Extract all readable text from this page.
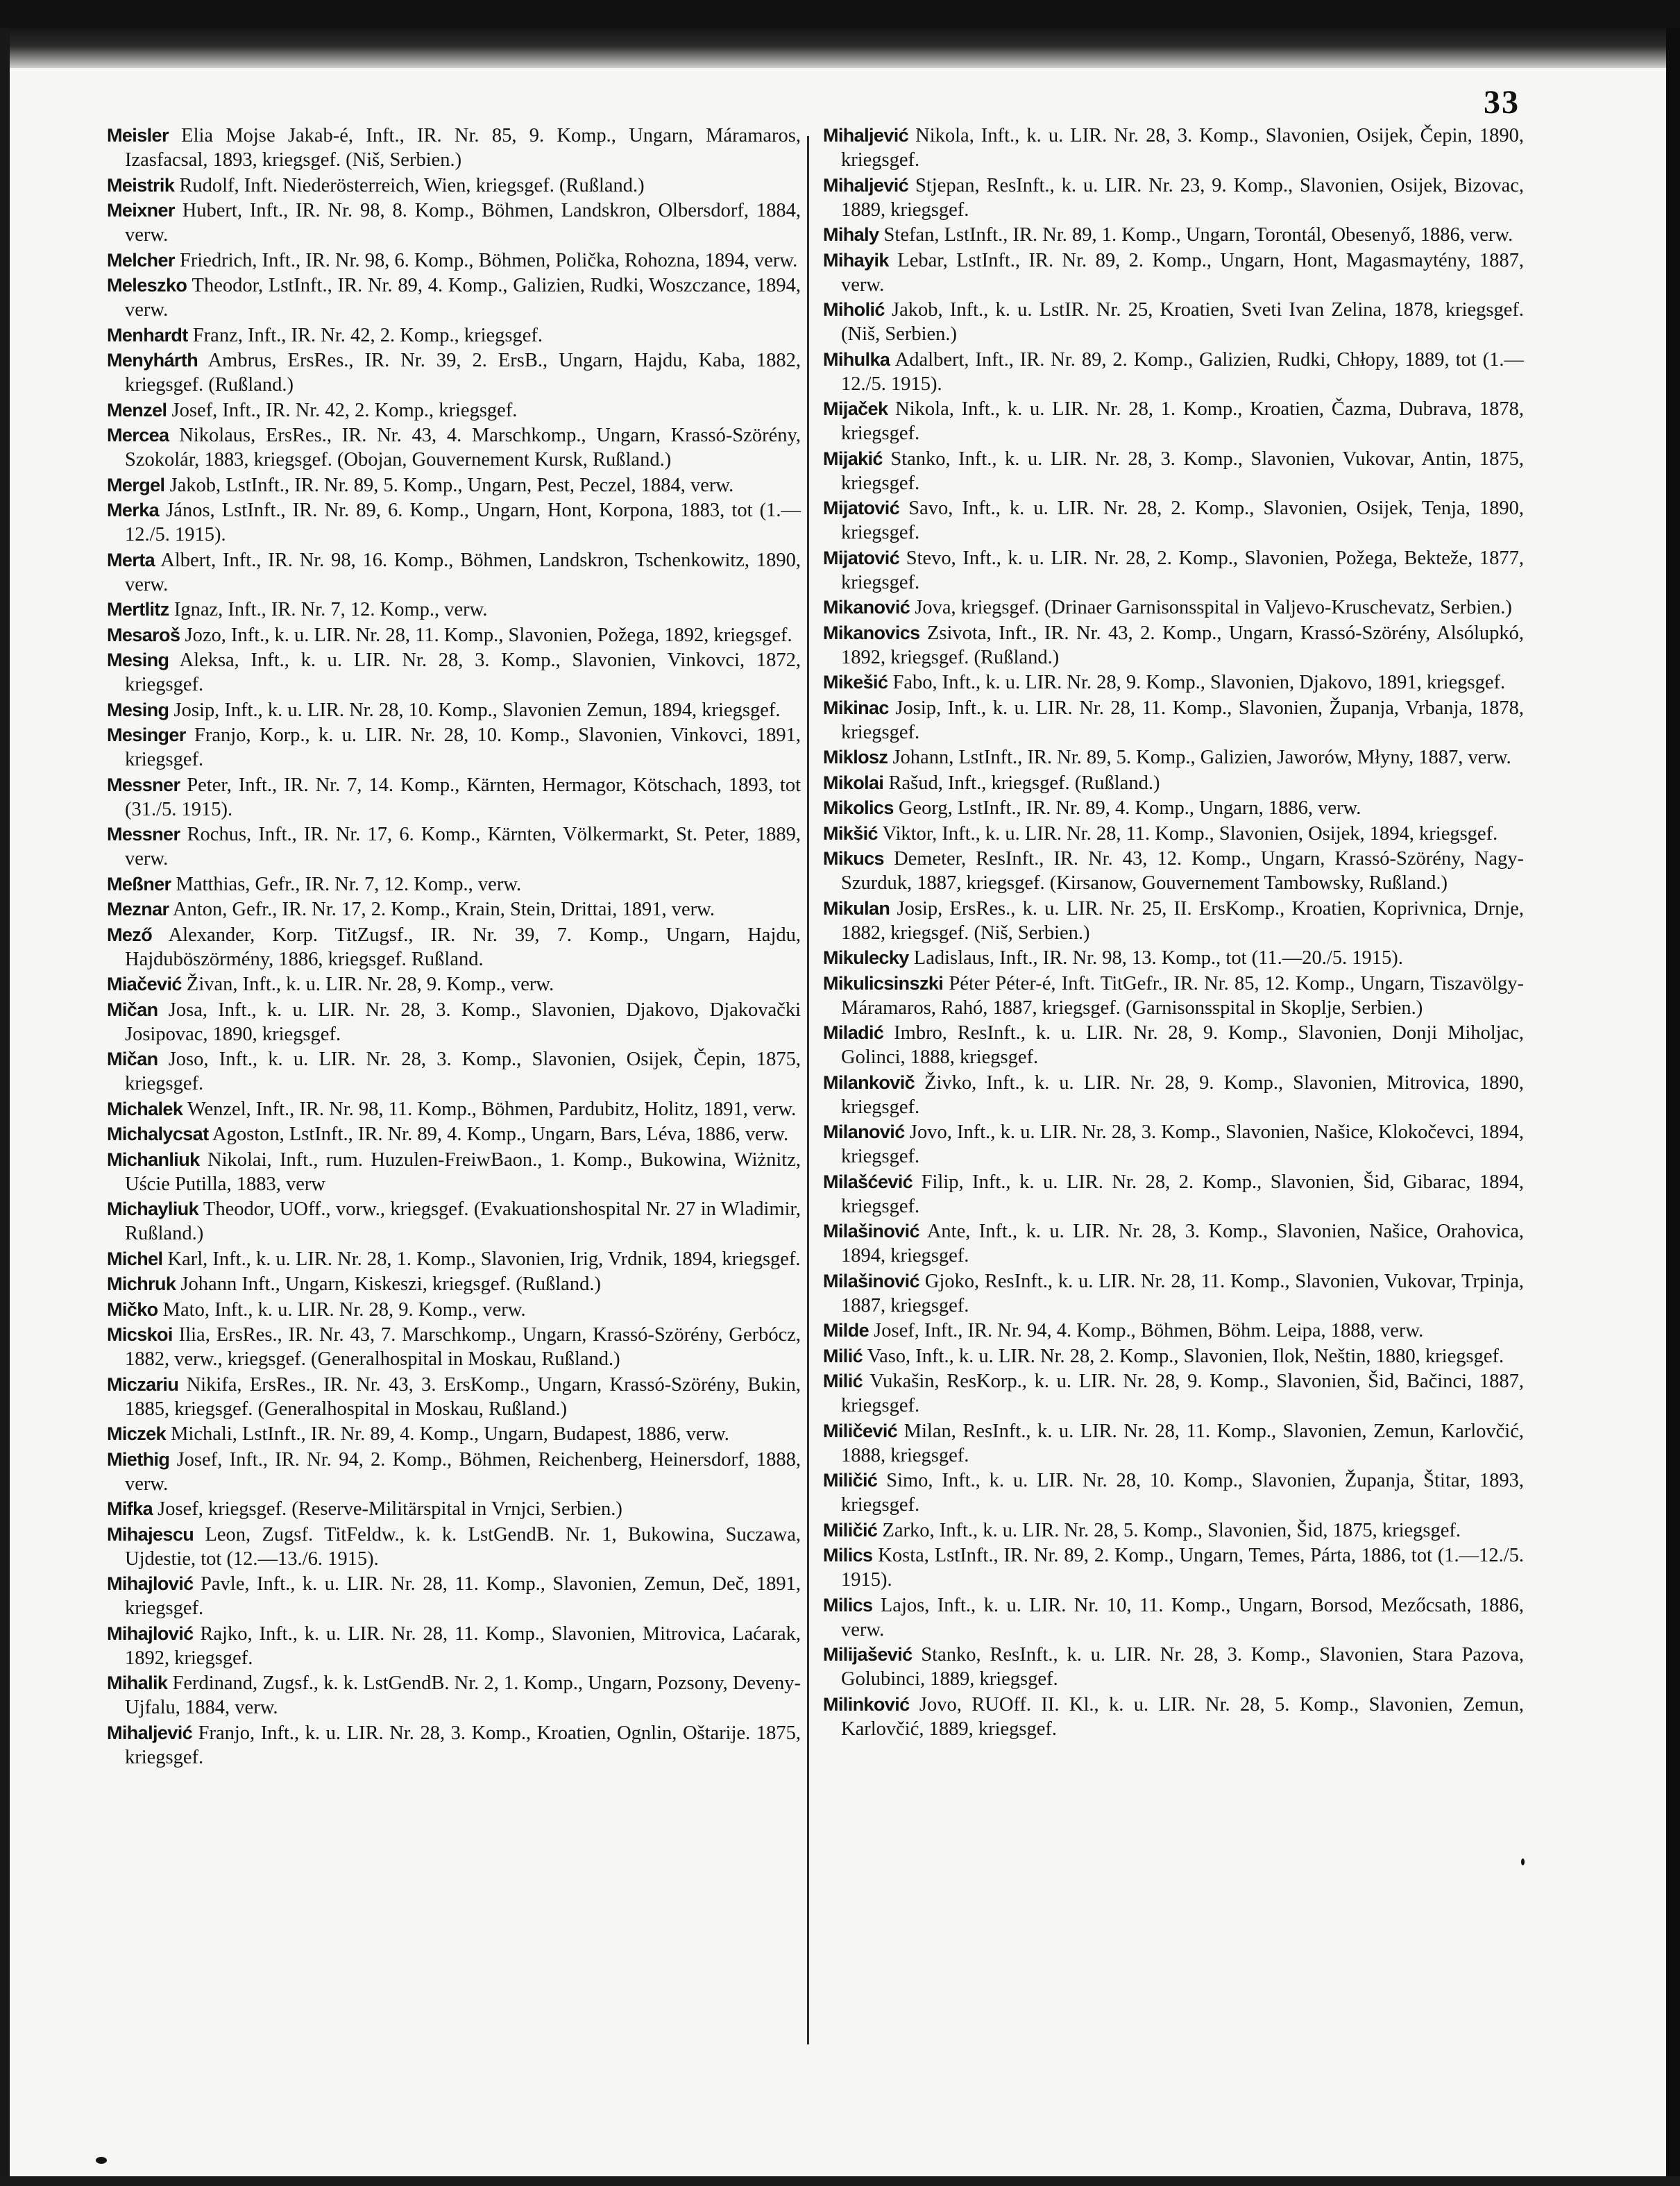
33

Meisler Elia Mojse Jakab-é, Inft., IR. Nr. 85, 9. Komp., Ungarn, Máramaros, Izasfacsal, 1893, kriegsgef. (Niš, Serbien.)

Meistrik Rudolf, Inft. Niederösterreich, Wien, kriegsgef. (Rußland.)

Meixner Hubert, Inft., IR. Nr. 98, 8. Komp., Böhmen, Landskron, Olbersdorf, 1884, verw.

Melcher Friedrich, Inft., IR. Nr. 98, 6. Komp., Böhmen, Polička, Rohozna, 1894, verw.

Meleszko Theodor, LstInft., IR. Nr. 89, 4. Komp., Galizien, Rudki, Woszczance, 1894, verw.

Menhardt Franz, Inft., IR. Nr. 42, 2. Komp., kriegsgef.

Menyhárth Ambrus, ErsRes., IR. Nr. 39, 2. ErsB., Ungarn, Hajdu, Kaba, 1882, kriegsgef. (Rußland.)

Menzel Josef, Inft., IR. Nr. 42, 2. Komp., kriegsgef.

Mercea Nikolaus, ErsRes., IR. Nr. 43, 4. Marschkomp., Ungarn, Krassó-Szörény, Szokolár, 1883, kriegsgef. (Obojan, Gouvernement Kursk, Rußland.)

Mergel Jakob, LstInft., IR. Nr. 89, 5. Komp., Ungarn, Pest, Peczel, 1884, verw.

Merka János, LstInft., IR. Nr. 89, 6. Komp., Ungarn, Hont, Korpona, 1883, tot (1.—12./5. 1915).

Merta Albert, Inft., IR. Nr. 98, 16. Komp., Böhmen, Landskron, Tschenkowitz, 1890, verw.

Mertlitz Ignaz, Inft., IR. Nr. 7, 12. Komp., verw.

Mesaroš Jozo, Inft., k. u. LIR. Nr. 28, 11. Komp., Slavonien, Požega, 1892, kriegsgef.

Mesing Aleksa, Inft., k. u. LIR. Nr. 28, 3. Komp., Slavonien, Vinkovci, 1872, kriegsgef.

Mesing Josip, Inft., k. u. LIR. Nr. 28, 10. Komp., Slavonien Zemun, 1894, kriegsgef.

Mesinger Franjo, Korp., k. u. LIR. Nr. 28, 10. Komp., Slavonien, Vinkovci, 1891, kriegsgef.

Messner Peter, Inft., IR. Nr. 7, 14. Komp., Kärnten, Hermagor, Kötschach, 1893, tot (31./5. 1915).

Messner Rochus, Inft., IR. Nr. 17, 6. Komp., Kärnten, Völkermarkt, St. Peter, 1889, verw.

Meßner Matthias, Gefr., IR. Nr. 7, 12. Komp., verw.

Meznar Anton, Gefr., IR. Nr. 17, 2. Komp., Krain, Stein, Drittai, 1891, verw.

Mező Alexander, Korp. TitZugsf., IR. Nr. 39, 7. Komp., Ungarn, Hajdu, Hajduböszörmény, 1886, kriegsgef. Rußland.

Miačević Živan, Inft., k. u. LIR. Nr. 28, 9. Komp., verw.

Mičan Josa, Inft., k. u. LIR. Nr. 28, 3. Komp., Slavonien, Djakovo, Djakovački Josipovac, 1890, kriegsgef.

Mičan Joso, Inft., k. u. LIR. Nr. 28, 3. Komp., Slavonien, Osijek, Čepin, 1875, kriegsgef.

Michalek Wenzel, Inft., IR. Nr. 98, 11. Komp., Böhmen, Pardubitz, Holitz, 1891, verw.

Michalycsat Agoston, LstInft., IR. Nr. 89, 4. Komp., Ungarn, Bars, Léva, 1886, verw.

Michanliuk Nikolai, Inft., rum. Huzulen-FreiwBaon., 1. Komp., Bukowina, Wiżnitz, Uście Putilla, 1883, verw

Michayliuk Theodor, UOff., vorw., kriegsgef. (Evakuationshospital Nr. 27 in Wladimir, Rußland.)

Michel Karl, Inft., k. u. LIR. Nr. 28, 1. Komp., Slavonien, Irig, Vrdnik, 1894, kriegsgef.

Michruk Johann Inft., Ungarn, Kiskeszi, kriegsgef. (Rußland.)

Mičko Mato, Inft., k. u. LIR. Nr. 28, 9. Komp., verw.

Micskoi Ilia, ErsRes., IR. Nr. 43, 7. Marschkomp., Ungarn, Krassó-Szörény, Gerbócz, 1882, verw., kriegsgef. (Generalhospital in Moskau, Rußland.)

Miczariu Nikifa, ErsRes., IR. Nr. 43, 3. ErsKomp., Ungarn, Krassó-Szörény, Bukin, 1885, kriegsgef. (Generalhospital in Moskau, Rußland.)

Miczek Michali, LstInft., IR. Nr. 89, 4. Komp., Ungarn, Budapest, 1886, verw.

Miethig Josef, Inft., IR. Nr. 94, 2. Komp., Böhmen, Reichenberg, Heinersdorf, 1888, verw.

Mifka Josef, kriegsgef. (Reserve-Militärspital in Vrnjci, Serbien.)

Mihajescu Leon, Zugsf. TitFeldw., k. k. LstGendB. Nr. 1, Bukowina, Suczawa, Ujdestie, tot (12.—13./6. 1915).

Mihajlović Pavle, Inft., k. u. LIR. Nr. 28, 11. Komp., Slavonien, Zemun, Deč, 1891, kriegsgef.

Mihajlović Rajko, Inft., k. u. LIR. Nr. 28, 11. Komp., Slavonien, Mitrovica, Laćarak, 1892, kriegsgef.

Mihalik Ferdinand, Zugsf., k. k. LstGendB. Nr. 2, 1. Komp., Ungarn, Pozsony, Deveny-Ujfalu, 1884, verw.

Mihaljević Franjo, Inft., k. u. LIR. Nr. 28, 3. Komp., Kroatien, Ognlin, Oštarije. 1875, kriegsgef.

Mihaljević Nikola, Inft., k. u. LIR. Nr. 28, 3. Komp., Slavonien, Osijek, Čepin, 1890, kriegsgef.

Mihaljević Stjepan, ResInft., k. u. LIR. Nr. 23, 9. Komp., Slavonien, Osijek, Bizovac, 1889, kriegsgef.

Mihaly Stefan, LstInft., IR. Nr. 89, 1. Komp., Ungarn, Torontál, Obesenyő, 1886, verw.

Mihayik Lebar, LstInft., IR. Nr. 89, 2. Komp., Ungarn, Hont, Magasmaytény, 1887, verw.

Miholić Jakob, Inft., k. u. LstIR. Nr. 25, Kroatien, Sveti Ivan Zelina, 1878, kriegsgef. (Niš, Serbien.)

Mihulka Adalbert, Inft., IR. Nr. 89, 2. Komp., Galizien, Rudki, Chłopy, 1889, tot (1.—12./5. 1915).

Mijaček Nikola, Inft., k. u. LIR. Nr. 28, 1. Komp., Kroatien, Čazma, Dubrava, 1878, kriegsgef.

Mijakić Stanko, Inft., k. u. LIR. Nr. 28, 3. Komp., Slavonien, Vukovar, Antin, 1875, kriegsgef.

Mijatović Savo, Inft., k. u. LIR. Nr. 28, 2. Komp., Slavonien, Osijek, Tenja, 1890, kriegsgef.

Mijatović Stevo, Inft., k. u. LIR. Nr. 28, 2. Komp., Slavonien, Požega, Bekteže, 1877, kriegsgef.

Mikanović Jova, kriegsgef. (Drinaer Garnisonsspital in Valjevo-Kruschevatz, Serbien.)

Mikanovics Zsivota, Inft., IR. Nr. 43, 2. Komp., Ungarn, Krassó-Szörény, Alsólupkó, 1892, kriegsgef. (Rußland.)

Mikešić Fabo, Inft., k. u. LIR. Nr. 28, 9. Komp., Slavonien, Djakovo, 1891, kriegsgef.

Mikinac Josip, Inft., k. u. LIR. Nr. 28, 11. Komp., Slavonien, Županja, Vrbanja, 1878, kriegsgef.

Miklosz Johann, LstInft., IR. Nr. 89, 5. Komp., Galizien, Jaworów, Młyny, 1887, verw.

Mikolai Rašud, Inft., kriegsgef. (Rußland.)

Mikolics Georg, LstInft., IR. Nr. 89, 4. Komp., Ungarn, 1886, verw.

Mikšić Viktor, Inft., k. u. LIR. Nr. 28, 11. Komp., Slavonien, Osijek, 1894, kriegsgef.

Mikucs Demeter, ResInft., IR. Nr. 43, 12. Komp., Ungarn, Krassó-Szörény, Nagy-Szurduk, 1887, kriegsgef. (Kirsanow, Gouvernement Tambowsky, Rußland.)

Mikulan Josip, ErsRes., k. u. LIR. Nr. 25, II. ErsKomp., Kroatien, Koprivnica, Drnje, 1882, kriegsgef. (Niš, Serbien.)

Mikulecky Ladislaus, Inft., IR. Nr. 98, 13. Komp., tot (11.—20./5. 1915).

Mikulicsinszki Péter Péter-é, Inft. TitGefr., IR. Nr. 85, 12. Komp., Ungarn, Tiszavölgy-Máramaros, Rahó, 1887, kriegsgef. (Garnisonsspital in Skoplje, Serbien.)

Miladić Imbro, ResInft., k. u. LIR. Nr. 28, 9. Komp., Slavonien, Donji Miholjac, Golinci, 1888, kriegsgef.

Milankovič Živko, Inft., k. u. LIR. Nr. 28, 9. Komp., Slavonien, Mitrovica, 1890, kriegsgef.

Milanović Jovo, Inft., k. u. LIR. Nr. 28, 3. Komp., Slavonien, Našice, Klokočevci, 1894, kriegsgef.

Milašćević Filip, Inft., k. u. LIR. Nr. 28, 2. Komp., Slavonien, Šid, Gibarac, 1894, kriegsgef.

Milašinović Ante, Inft., k. u. LIR. Nr. 28, 3. Komp., Slavonien, Našice, Orahovica, 1894, kriegsgef.

Milašinović Gjoko, ResInft., k. u. LIR. Nr. 28, 11. Komp., Slavonien, Vukovar, Trpinja, 1887, kriegsgef.

Milde Josef, Inft., IR. Nr. 94, 4. Komp., Böhmen, Böhm. Leipa, 1888, verw.

Milić Vaso, Inft., k. u. LIR. Nr. 28, 2. Komp., Slavonien, Ilok, Neštin, 1880, kriegsgef.

Milić Vukašin, ResKorp., k. u. LIR. Nr. 28, 9. Komp., Slavonien, Šid, Bačinci, 1887, kriegsgef.

Miličević Milan, ResInft., k. u. LIR. Nr. 28, 11. Komp., Slavonien, Zemun, Karlovčić, 1888, kriegsgef.

Miličić Simo, Inft., k. u. LIR. Nr. 28, 10. Komp., Slavonien, Županja, Štitar, 1893, kriegsgef.

Miličić Zarko, Inft., k. u. LIR. Nr. 28, 5. Komp., Slavonien, Šid, 1875, kriegsgef.

Milics Kosta, LstInft., IR. Nr. 89, 2. Komp., Ungarn, Temes, Párta, 1886, tot (1.—12./5. 1915).

Milics Lajos, Inft., k. u. LIR. Nr. 10, 11. Komp., Ungarn, Borsod, Mezőcsath, 1886, verw.

Milijašević Stanko, ResInft., k. u. LIR. Nr. 28, 3. Komp., Slavonien, Stara Pazova, Golubinci, 1889, kriegsgef.

Milinković Jovo, RUOff. II. Kl., k. u. LIR. Nr. 28, 5. Komp., Slavonien, Zemun, Karlovčić, 1889, kriegsgef.
